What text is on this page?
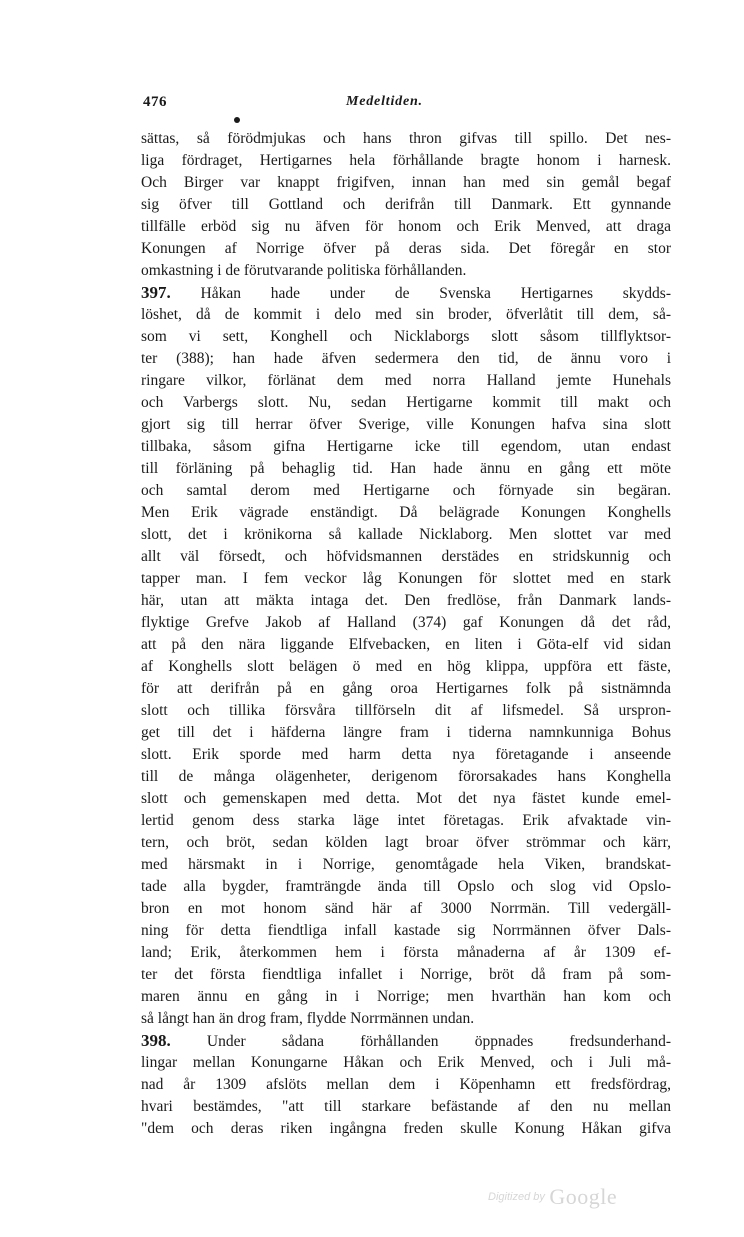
476	Medeltiden.
sättas, så förödmjukas och hans thron gifvas till spillo. Det nes-
liga fördraget, Hertigarnes hela förhållande bragte honom i harnesk.
Och Birger var knappt frigifven, innan han med sin gemål begaf
sig öfver till Gottland och derifrån till Danmark. Ett gynnande
tillfälle erböd sig nu äfven för honom och Erik Menved, att draga
Konungen af Norrige öfver på deras sida. Det föregår en stor
omkastning i de förutvarande politiska förhållanden.
397. Håkan hade under de Svenska Hertigarnes skydds-
löshet, då de kommit i delo med sin broder, öfverlåtit till dem, så-
som vi sett, Konghell och Nicklaborgs slott såsom tillflyktsor-
ter (388); han hade äfven sedermera den tid, de ännu voro i
ringare vilkor, förlänat dem med norra Halland jemte Hunehals
och Varbergs slott. Nu, sedan Hertigarne kommit till makt och
gjort sig till herrar öfver Sverige, ville Konungen hafva sina slott
tillbaka, såsom gifna Hertigarne icke till egendom, utan endast
till förläning på behaglig tid. Han hade ännu en gång ett möte
och samtal derom med Hertigarne och förnyade sin begäran.
Men Erik vägrade enständigt. Då belägrade Konungen Konghells
slott, det i krönikorna så kallade Nicklaborg. Men slottet var med
allt väl försedt, och höfvidsmannen derstädes en stridskunnig och
tapper man. I fem veckor låg Konungen för slottet med en stark
här, utan att mäkta intaga det. Den fredlöse, från Danmark lands-
flyktige Grefve Jakob af Halland (374) gaf Konungen då det råd,
att på den nära liggande Elfvebacken, en liten i Göta-elf vid sidan
af Konghells slott belägen ö med en hög klippa, uppföra ett fäste,
för att derifrån på en gång oroa Hertigarnes folk på sistnämnda
slott och tillika försvåra tillförseln dit af lifsmedel. Så urspron-
get till det i häfderna längre fram i tiderna namnkunniga Bohus
slott. Erik sporde med harm detta nya företagande i anseende
till de många olägenheter, derigenom förorsakades hans Konghella
slott och gemenskapen med detta. Mot det nya fästet kunde emel-
lertid genom dess starka läge intet företagas. Erik afvaktade vin-
tern, och bröt, sedan kölden lagt broar öfver strömmar och kärr,
med härsmakt in i Norrige, genomtågade hela Viken, brandskat-
tade alla bygder, framträngde ända till Opslo och slog vid Opslo-
bron en mot honom sänd här af 3000 Norrmän. Till vedergäll-
ning för detta fiendtliga infall kastade sig Norrmännen öfver Dals-
land; Erik, återkommen hem i första månaderna af år 1309 ef-
ter det första fiendtliga infallet i Norrige, bröt då fram på som-
maren ännu en gång in i Norrige; men hvarthän han kom och
så långt han än drog fram, flydde Norrmännen undan.
398. Under sådana förhållanden öppnades fredsunderhand-
lingar mellan Konungarne Håkan och Erik Menved, och i Juli må-
nad år 1309 afslöts mellan dem i Köpenhamn ett fredsfördrag,
hvari bestämdes, "att till starkare befästande af den nu mellan
"dem och deras riken ingångna freden skulle Konung Håkan gifva
Digitized by Google
